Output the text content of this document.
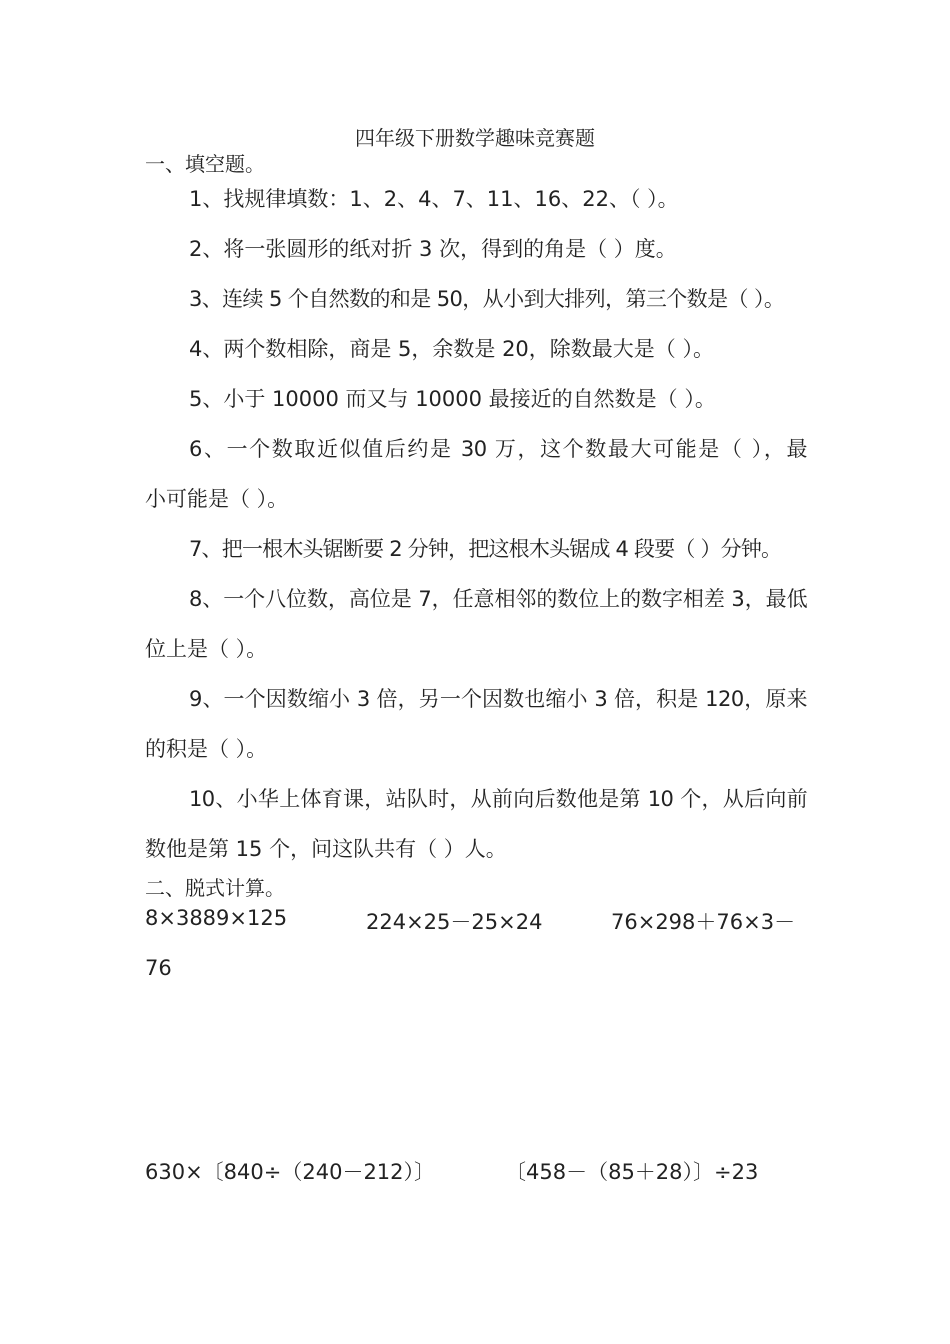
四年级下册数学趣味竞赛题
一、填空题。
1、找规律填数：1、2、4、7、11、16、22、（ ）。
2、将一张圆形的纸对折 3 次，得到的角是（ ）度。
3、连续 5 个自然数的和是 50，从小到大排列，第三个数是（ ）。
4、两个数相除，商是 5，余数是 20，除数最大是（ ）。
5、小于 10000 而又与 10000 最接近的自然数是（ ）。
6、一个数取近似值后约是 30 万，这个数最大可能是（ ），最
小可能是（ ）。
7、把一根木头锯断要 2 分钟，把这根木头锯成 4 段要（ ）分钟。
8、一个八位数，高位是 7，任意相邻的数位上的数字相差 3，最低
位上是（ ）。
9、一个因数缩小 3 倍，另一个因数也缩小 3 倍，积是 120，原来
的积是（ ）。
10、小华上体育课，站队时，从前向后数他是第 10 个，从后向前
数他是第 15 个，问这队共有（ ）人。
二、脱式计算。
8×3889×125	224×25－25×24	76×298＋76×3－
76
630×〔840÷（240－212）〕	〔458－（85＋28）〕÷23
